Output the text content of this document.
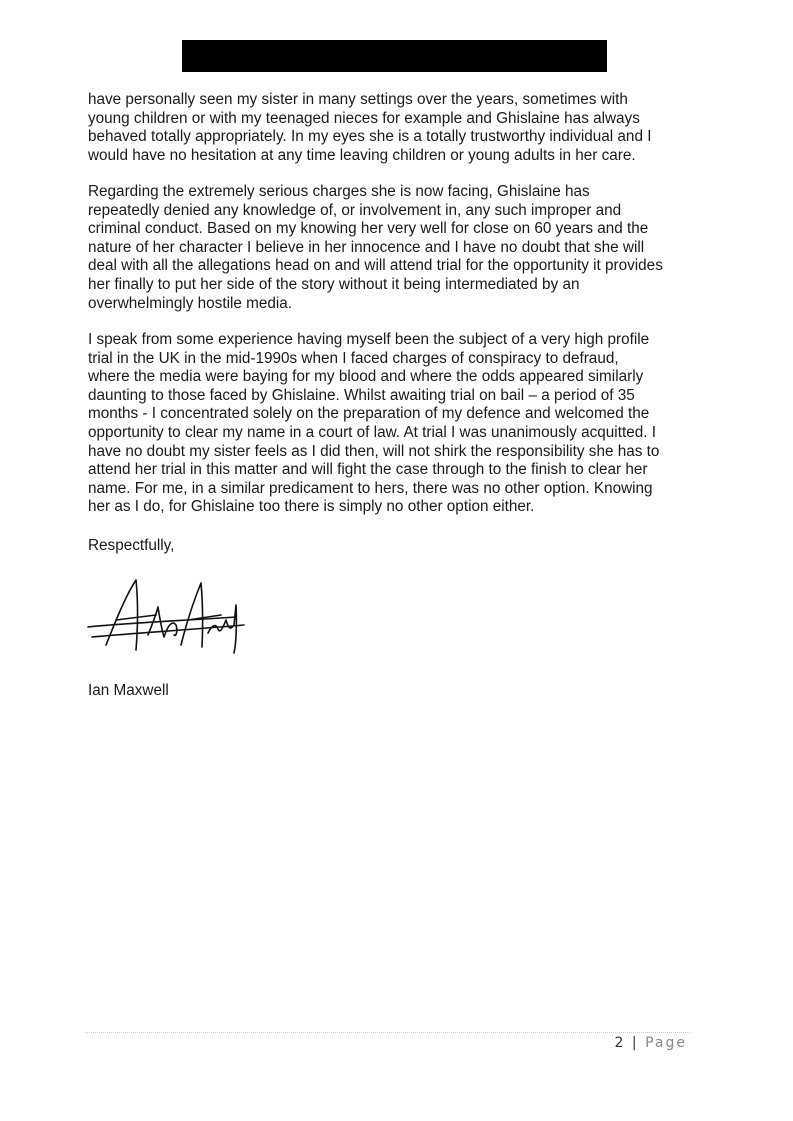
have personally seen my sister in many settings over the years, sometimes with
young children or with my teenaged nieces for example and Ghislaine has always
behaved totally appropriately. In my eyes she is a totally trustworthy individual and I
would have no hesitation at any time leaving children or young adults in her care.
Regarding the extremely serious charges she is now facing, Ghislaine has
repeatedly denied any knowledge of, or involvement in, any such improper and
criminal conduct. Based on my knowing her very well for close on 60 years and the
nature of her character I believe in her innocence and I have no doubt that she will
deal with all the allegations head on and will attend trial for the opportunity it provides
her finally to put her side of the story without it being intermediated by an
overwhelmingly hostile media.
I speak from some experience having myself been the subject of a very high profile
trial in the UK in the mid-1990s when I faced charges of conspiracy to defraud,
where the media were baying for my blood and where the odds appeared similarly
daunting to those faced by Ghislaine. Whilst awaiting trial on bail – a period of 35
months - I concentrated solely on the preparation of my defence and welcomed the
opportunity to clear my name in a court of law. At trial I was unanimously acquitted. I
have no doubt my sister feels as I did then, will not shirk the responsibility she has to
attend her trial in this matter and will fight the case through to the finish to clear her
name. For me, in a similar predicament to hers, there was no other option. Knowing
her as I do, for Ghislaine too there is simply no other option either.
Respectfully,
Ian Maxwell
2 | Page
